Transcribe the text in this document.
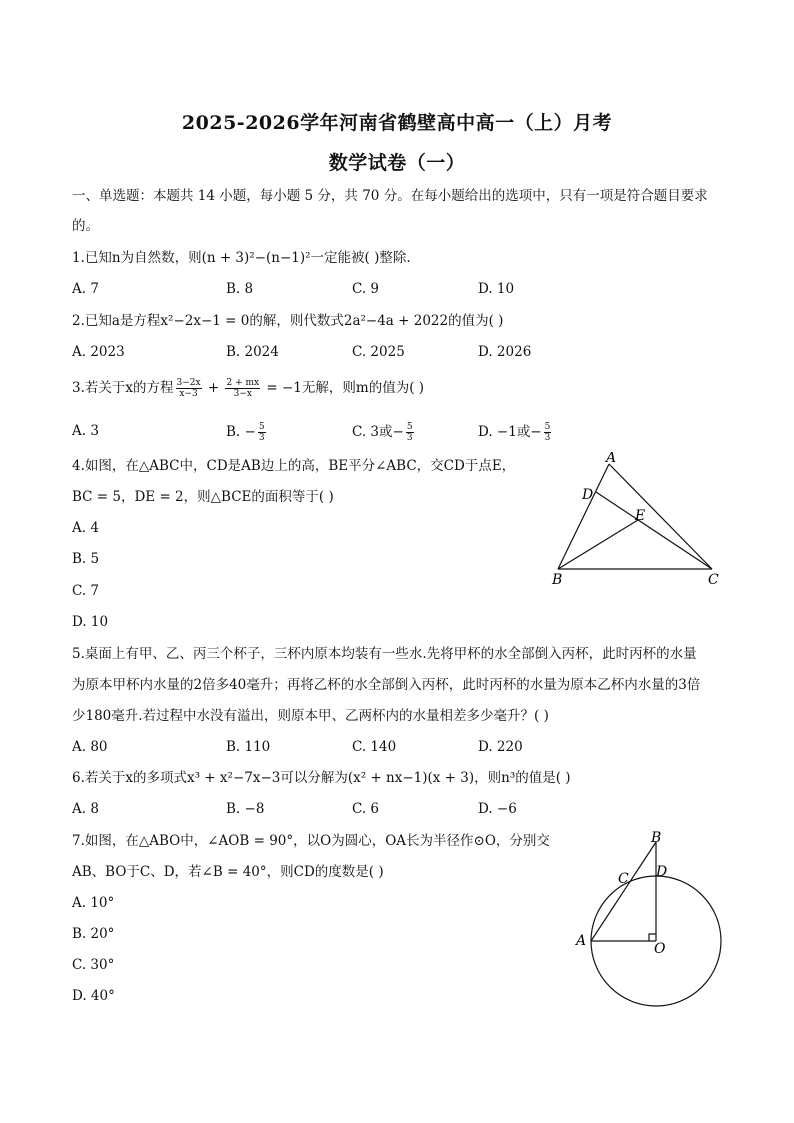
2025-2026学年河南省鹤壁高中高一（上）月考
数学试卷（一）
一、单选题：本题共 14 小题，每小题 5 分，共 70 分。在每小题给出的选项中，只有一项是符合题目要求
的。
1.已知n为自然数，则(n + 3)²−(n−1)²一定能被( )整除.
A. 7	B. 8	C. 9	D. 10
2.已知a是方程x²−2x−1 = 0的解，则代数式2a²−4a + 2022的值为( )
A. 2023	B. 2024	C. 2025	D. 2026
3.若关于x的方程 $\frac{3-2x}{x-3} + \frac{2 + mx}{3-x} = -1$无解，则m的值为( )
A. 3	B. − $\frac{5}{3}$	C. 3或− $\frac{5}{3}$	D. −1或− $\frac{5}{3}$
4.如图，在△ABC中，CD是AB边上的高，BE平分∠ABC，交CD于点E，
BC = 5，DE = 2，则△BCE的面积等于( )
A. 4
B. 5
C. 7
D. 10
A
D
E
B	C
5.桌面上有甲、乙、丙三个杯子，三杯内原本均装有一些水.先将甲杯的水全部倒入丙杯，此时丙杯的水量
为原本甲杯内水量的2倍多40毫升；再将乙杯的水全部倒入丙杯，此时丙杯的水量为原本乙杯内水量的3倍
少180毫升.若过程中水没有溢出，则原本甲、乙两杯内的水量相差多少毫升？( )
A. 80	B. 110	C. 140	D. 220
6.若关于x的多项式x³ + x²−7x−3可以分解为(x² + nx−1)(x + 3)，则n³的值是( )
A. 8	B. −8	C. 6	D. −6
7.如图，在△ABO中，∠AOB = 90°，以O为圆心，OA长为半径作⊙O，分别交
AB、BO于C、D，若∠B = 40°，则CD的度数是( )
A. 10°
B. 20°
C. 30°
D. 40°
B
C D
A	O
